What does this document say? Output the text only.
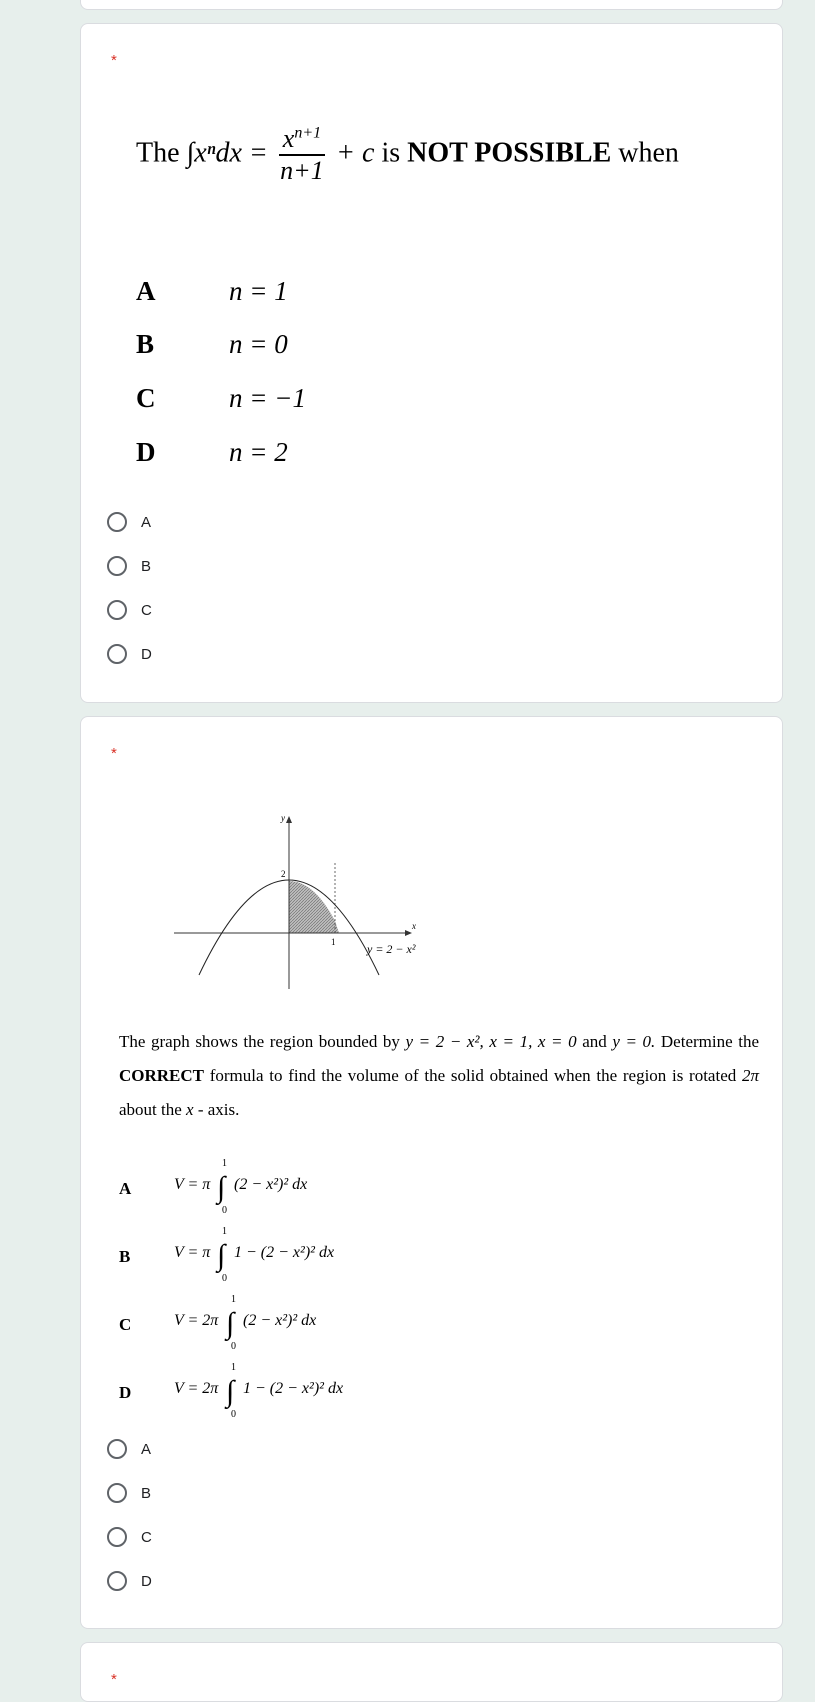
*
The $\int x^ndx = \frac{x^{n+1}}{n+1} + c$ is NOT POSSIBLE when
A	n = 1
B	n = 0
C	n = −1
D	n = 2
A
B
C
D
*
y
x
2
1	y = 2 − x²
The graph shows the region bounded by y = 2 − x², x = 1, x = 0 and y = 0. Determine the CORRECT formula to find the volume of the solid obtained when the region is rotated 2π about the x - axis.
A	V = π ∫
1
0
(2 − x²)² dx
B	V = π ∫
1
0
1 − (2 − x²)² dx
C	V = 2π ∫
1
0
(2 − x²)² dx
D	V = 2π ∫
1
0
1 − (2 − x²)² dx
A
B
C
D
*
